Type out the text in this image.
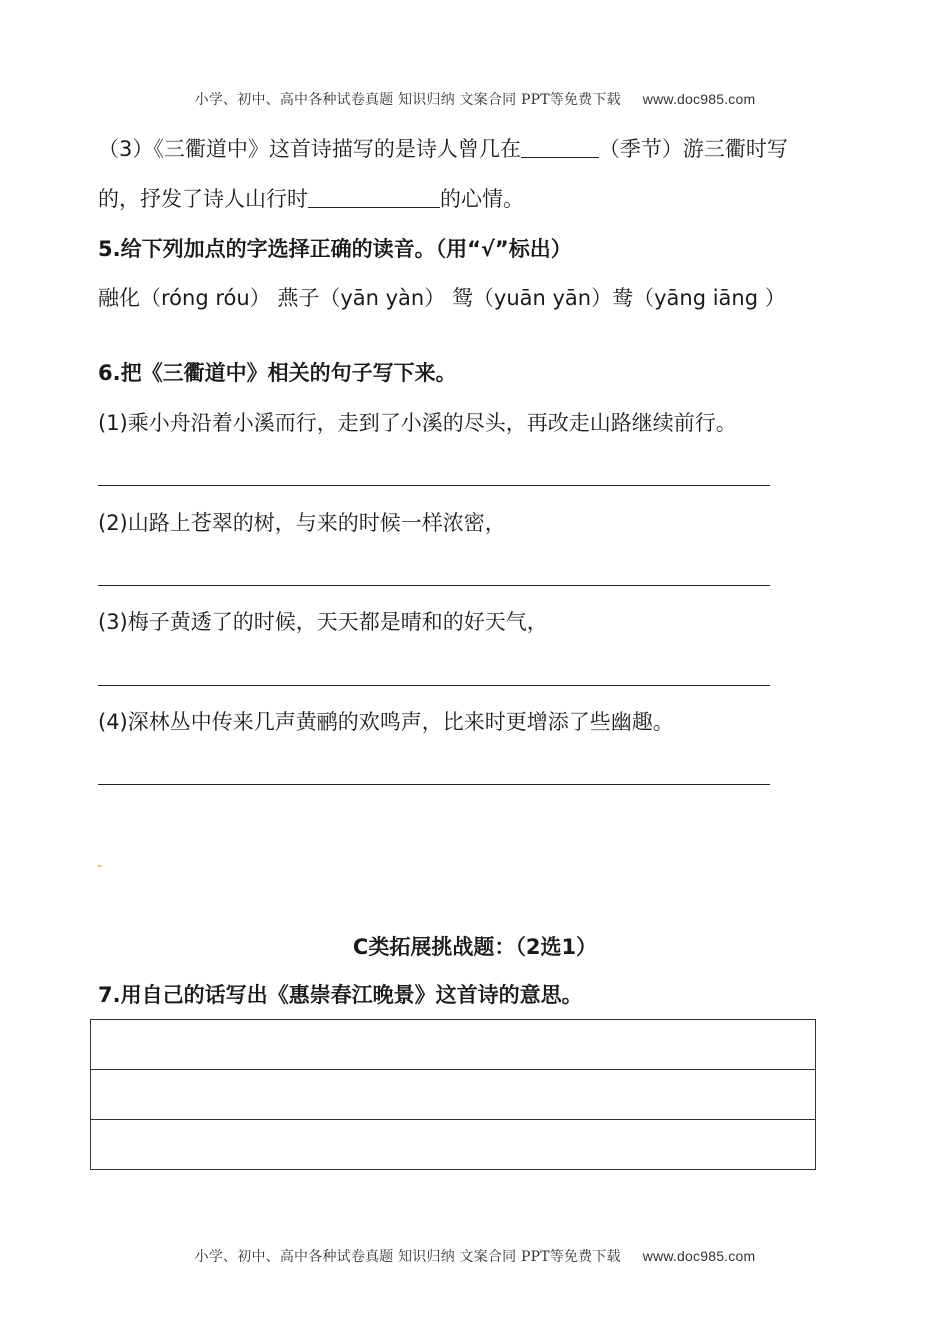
小学、初中、高中各种试卷真题 知识归纳 文案合同 PPT等免费下载 www.doc985.com
（3）《三衢道中》这首诗描写的是诗人曾几在	（季节）游三衢时写
的，抒发了诗人山行时	的心情。
5.给下列加点的字选择正确的读音。（用“√”标出）
融化（róng róu） 燕子（yān yàn） 鸳（yuān yān）鸯（yāng iāng ）
6.把《三衢道中》相关的句子写下来。
(1)乘小舟沿着小溪而行，走到了小溪的尽头，再改走山路继续前行。
(2)山路上苍翠的树，与来的时候一样浓密，
(3)梅子黄透了的时候，天天都是晴和的好天气，
(4)深林丛中传来几声黄鹂的欢鸣声，比来时更增添了些幽趣。
-
C类拓展挑战题：（2选1）
7.用自己的话写出《惠崇春江晚景》这首诗的意思。

小学、初中、高中各种试卷真题 知识归纳 文案合同 PPT等免费下载 www.doc985.com
